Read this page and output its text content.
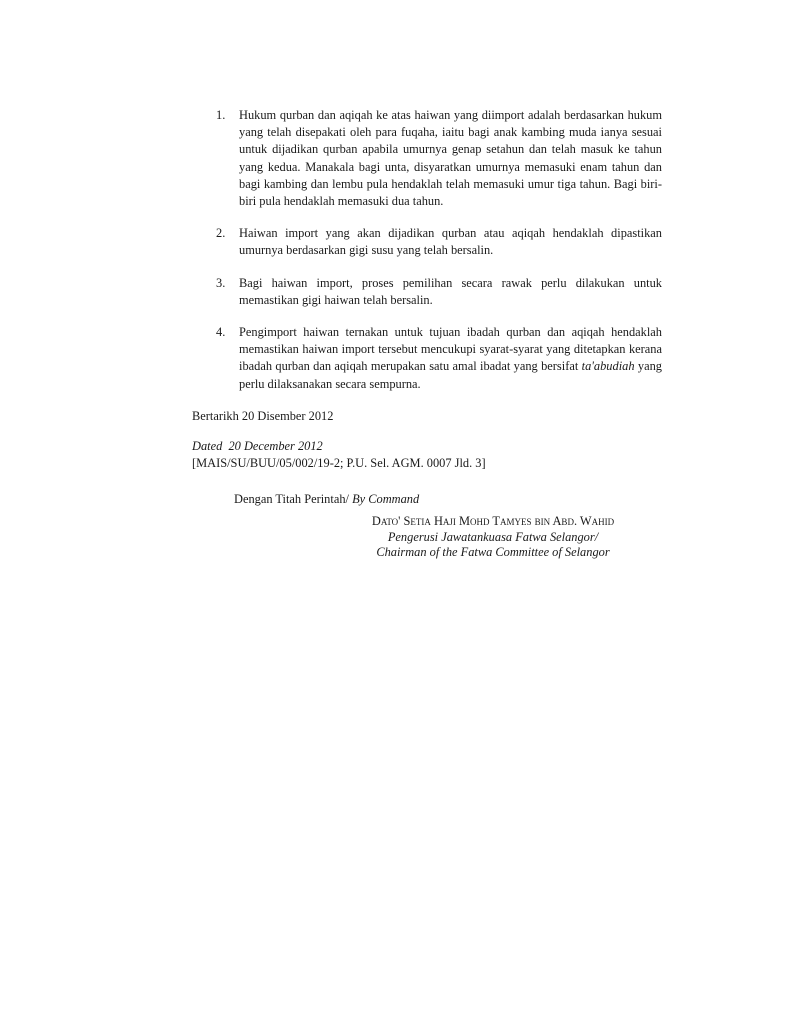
1. Hukum qurban dan aqiqah ke atas haiwan yang diimport adalah berdasarkan hukum yang telah disepakati oleh para fuqaha, iaitu bagi anak kambing muda ianya sesuai untuk dijadikan qurban apabila umurnya genap setahun dan telah masuk ke tahun yang kedua. Manakala bagi unta, disyaratkan umurnya memasuki enam tahun dan bagi kambing dan lembu pula hendaklah telah memasuki umur tiga tahun. Bagi biri-biri pula hendaklah memasuki dua tahun.
2. Haiwan import yang akan dijadikan qurban atau aqiqah hendaklah dipastikan umurnya berdasarkan gigi susu yang telah bersalin.
3. Bagi haiwan import, proses pemilihan secara rawak perlu dilakukan untuk memastikan gigi haiwan telah bersalin.
4. Pengimport haiwan ternakan untuk tujuan ibadah qurban dan aqiqah hendaklah memastikan haiwan import tersebut mencukupi syarat-syarat yang ditetapkan kerana ibadah qurban dan aqiqah merupakan satu amal ibadat yang bersifat ta'abudiah yang perlu dilaksanakan secara sempurna.

Bertarikh 20 Disember 2012

Dated  20 December 2012

[MAIS/SU/BUU/05/002/19-2; P.U. Sel. AGM. 0007 Jld. 3]

Dengan Titah Perintah/ By Command

Dato' Setia Haji Mohd Tamyes bin Abd. Wahid
Pengerusi Jawatankuasa Fatwa Selangor/
Chairman of the Fatwa Committee of Selangor
